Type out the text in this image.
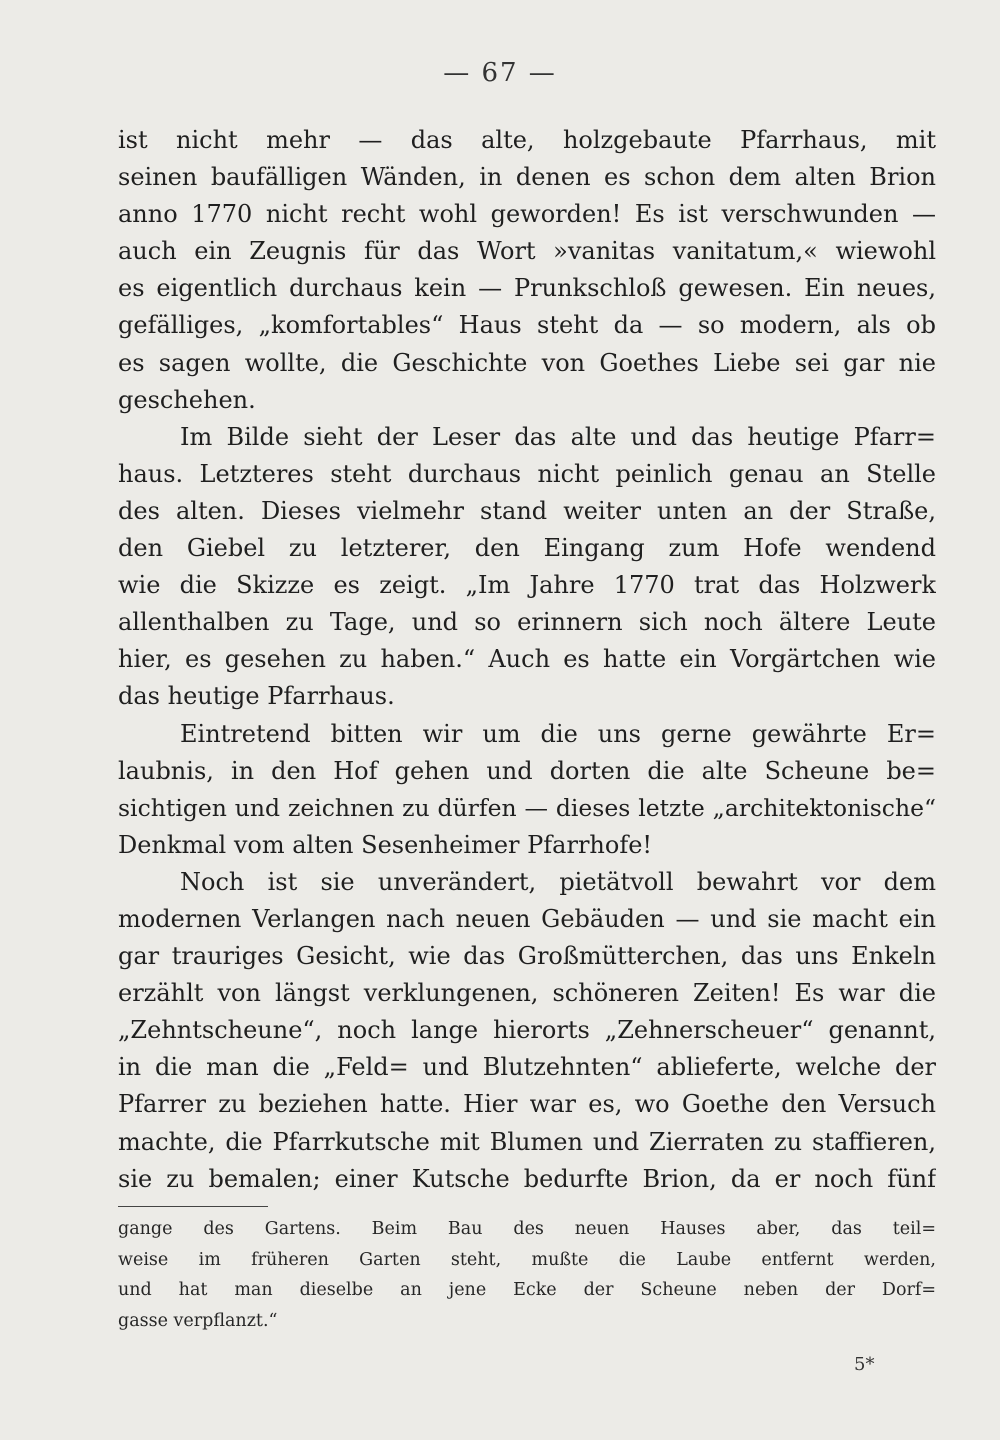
— 67 —
ist nicht mehr — das alte, holzgebaute Pfarrhaus, mit
seinen baufälligen Wänden, in denen es schon dem alten Brion
anno 1770 nicht recht wohl geworden! Es ist verschwunden —
auch ein Zeugnis für das Wort »vanitas vanitatum,« wiewohl
es eigentlich durchaus kein — Prunkschloß gewesen. Ein neues,
gefälliges, „komfortables“ Haus steht da — so modern, als ob
es sagen wollte, die Geschichte von Goethes Liebe sei gar nie
geschehen.
Im Bilde sieht der Leser das alte und das heutige Pfarr=
haus. Letzteres steht durchaus nicht peinlich genau an Stelle
des alten. Dieses vielmehr stand weiter unten an der Straße,
den Giebel zu letzterer, den Eingang zum Hofe wendend
wie die Skizze es zeigt. „Im Jahre 1770 trat das Holzwerk
allenthalben zu Tage, und so erinnern sich noch ältere Leute
hier, es gesehen zu haben.“ Auch es hatte ein Vorgärtchen wie
das heutige Pfarrhaus.
Eintretend bitten wir um die uns gerne gewährte Er=
laubnis, in den Hof gehen und dorten die alte Scheune be=
sichtigen und zeichnen zu dürfen — dieses letzte „architektonische“
Denkmal vom alten Sesenheimer Pfarrhofe!
Noch ist sie unverändert, pietätvoll bewahrt vor dem
modernen Verlangen nach neuen Gebäuden — und sie macht ein
gar trauriges Gesicht, wie das Großmütterchen, das uns Enkeln
erzählt von längst verklungenen, schöneren Zeiten! Es war die
„Zehntscheune“, noch lange hierorts „Zehnerscheuer“ genannt,
in die man die „Feld= und Blutzehnten“ ablieferte, welche der
Pfarrer zu beziehen hatte. Hier war es, wo Goethe den Versuch
machte, die Pfarrkutsche mit Blumen und Zierraten zu staffieren,
sie zu bemalen; einer Kutsche bedurfte Brion, da er noch fünf
gange des Gartens. Beim Bau des neuen Hauses aber, das teil=
weise im früheren Garten steht, mußte die Laube entfernt werden,
und hat man dieselbe an jene Ecke der Scheune neben der Dorf=
gasse verpflanzt.“
5*
